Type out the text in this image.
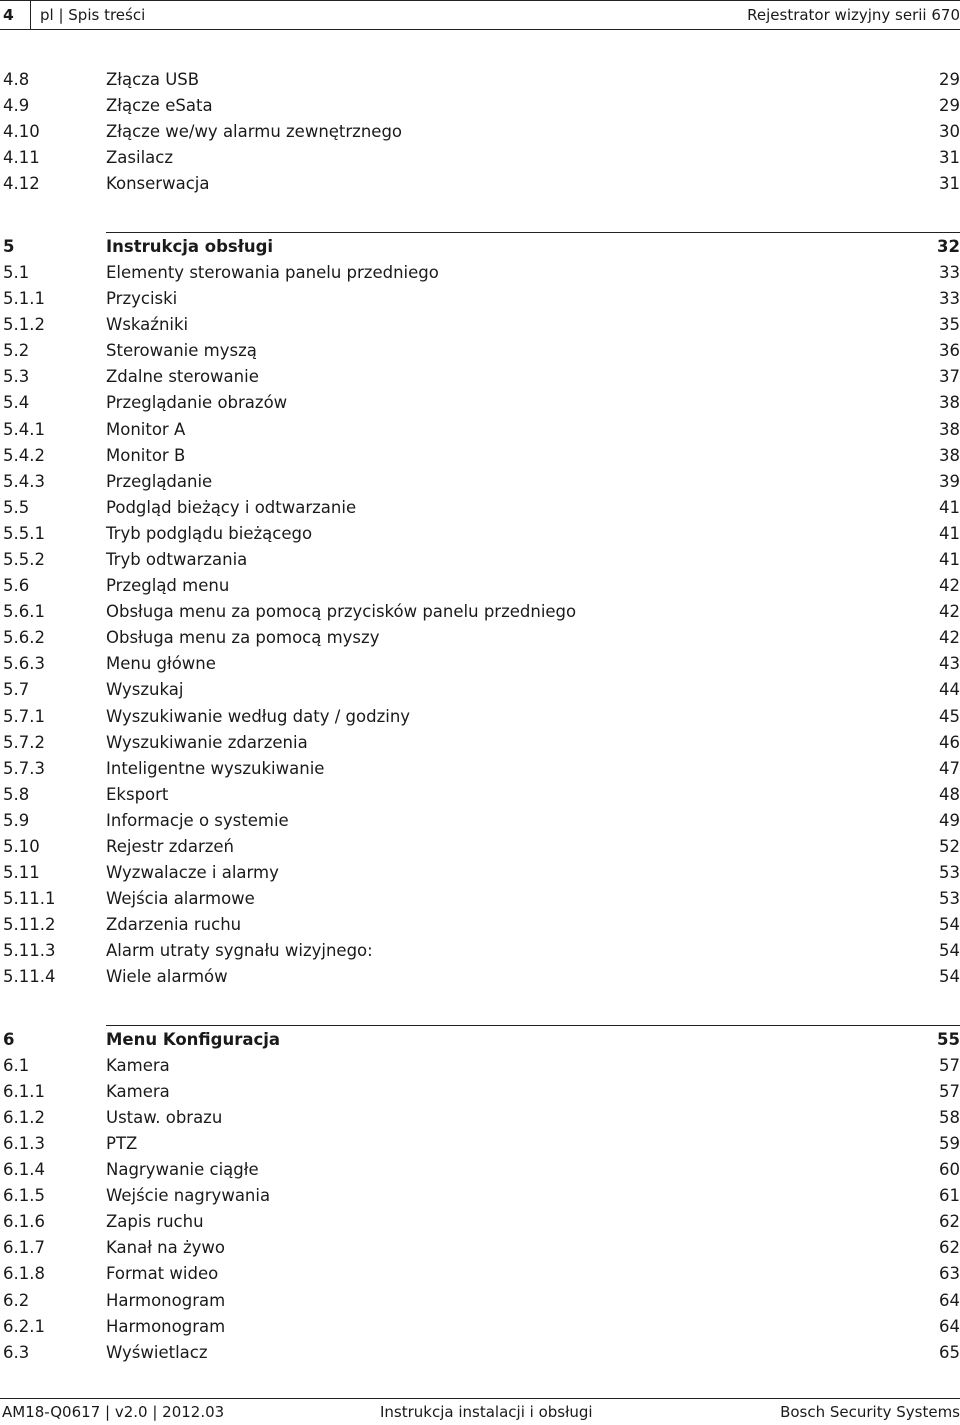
4 pl | Spis treści	Rejestrator wizyjny serii 670
4.8	Złącza USB	29
4.9	Złącze eSata	29
4.10	Złącze we/wy alarmu zewnętrznego	30
4.11	Zasilacz	31
4.12	Konserwacja	31
5	Instrukcja obsługi	32
5.1	Elementy sterowania panelu przedniego	33
5.1.1	Przyciski	33
5.1.2	Wskaźniki	35
5.2	Sterowanie myszą	36
5.3	Zdalne sterowanie	37
5.4	Przeglądanie obrazów	38
5.4.1	Monitor A	38
5.4.2	Monitor B	38
5.4.3	Przeglądanie	39
5.5	Podgląd bieżący i odtwarzanie	41
5.5.1	Tryb podglądu bieżącego	41
5.5.2	Tryb odtwarzania	41
5.6	Przegląd menu	42
5.6.1	Obsługa menu za pomocą przycisków panelu przedniego	42
5.6.2	Obsługa menu za pomocą myszy	42
5.6.3	Menu główne	43
5.7	Wyszukaj	44
5.7.1	Wyszukiwanie według daty / godziny	45
5.7.2	Wyszukiwanie zdarzenia	46
5.7.3	Inteligentne wyszukiwanie	47
5.8	Eksport	48
5.9	Informacje o systemie	49
5.10	Rejestr zdarzeń	52
5.11	Wyzwalacze i alarmy	53
5.11.1	Wejścia alarmowe	53
5.11.2	Zdarzenia ruchu	54
5.11.3	Alarm utraty sygnału wizyjnego:	54
5.11.4	Wiele alarmów	54
6	Menu Konfiguracja	55
6.1	Kamera	57
6.1.1	Kamera	57
6.1.2	Ustaw. obrazu	58
6.1.3	PTZ	59
6.1.4	Nagrywanie ciągłe	60
6.1.5	Wejście nagrywania	61
6.1.6	Zapis ruchu	62
6.1.7	Kanał na żywo	62
6.1.8	Format wideo	63
6.2	Harmonogram	64
6.2.1	Harmonogram	64
6.3	Wyświetlacz	65
AM18-Q0617 | v2.0 | 2012.03	Instrukcja instalacji i obsługi	Bosch Security Systems
